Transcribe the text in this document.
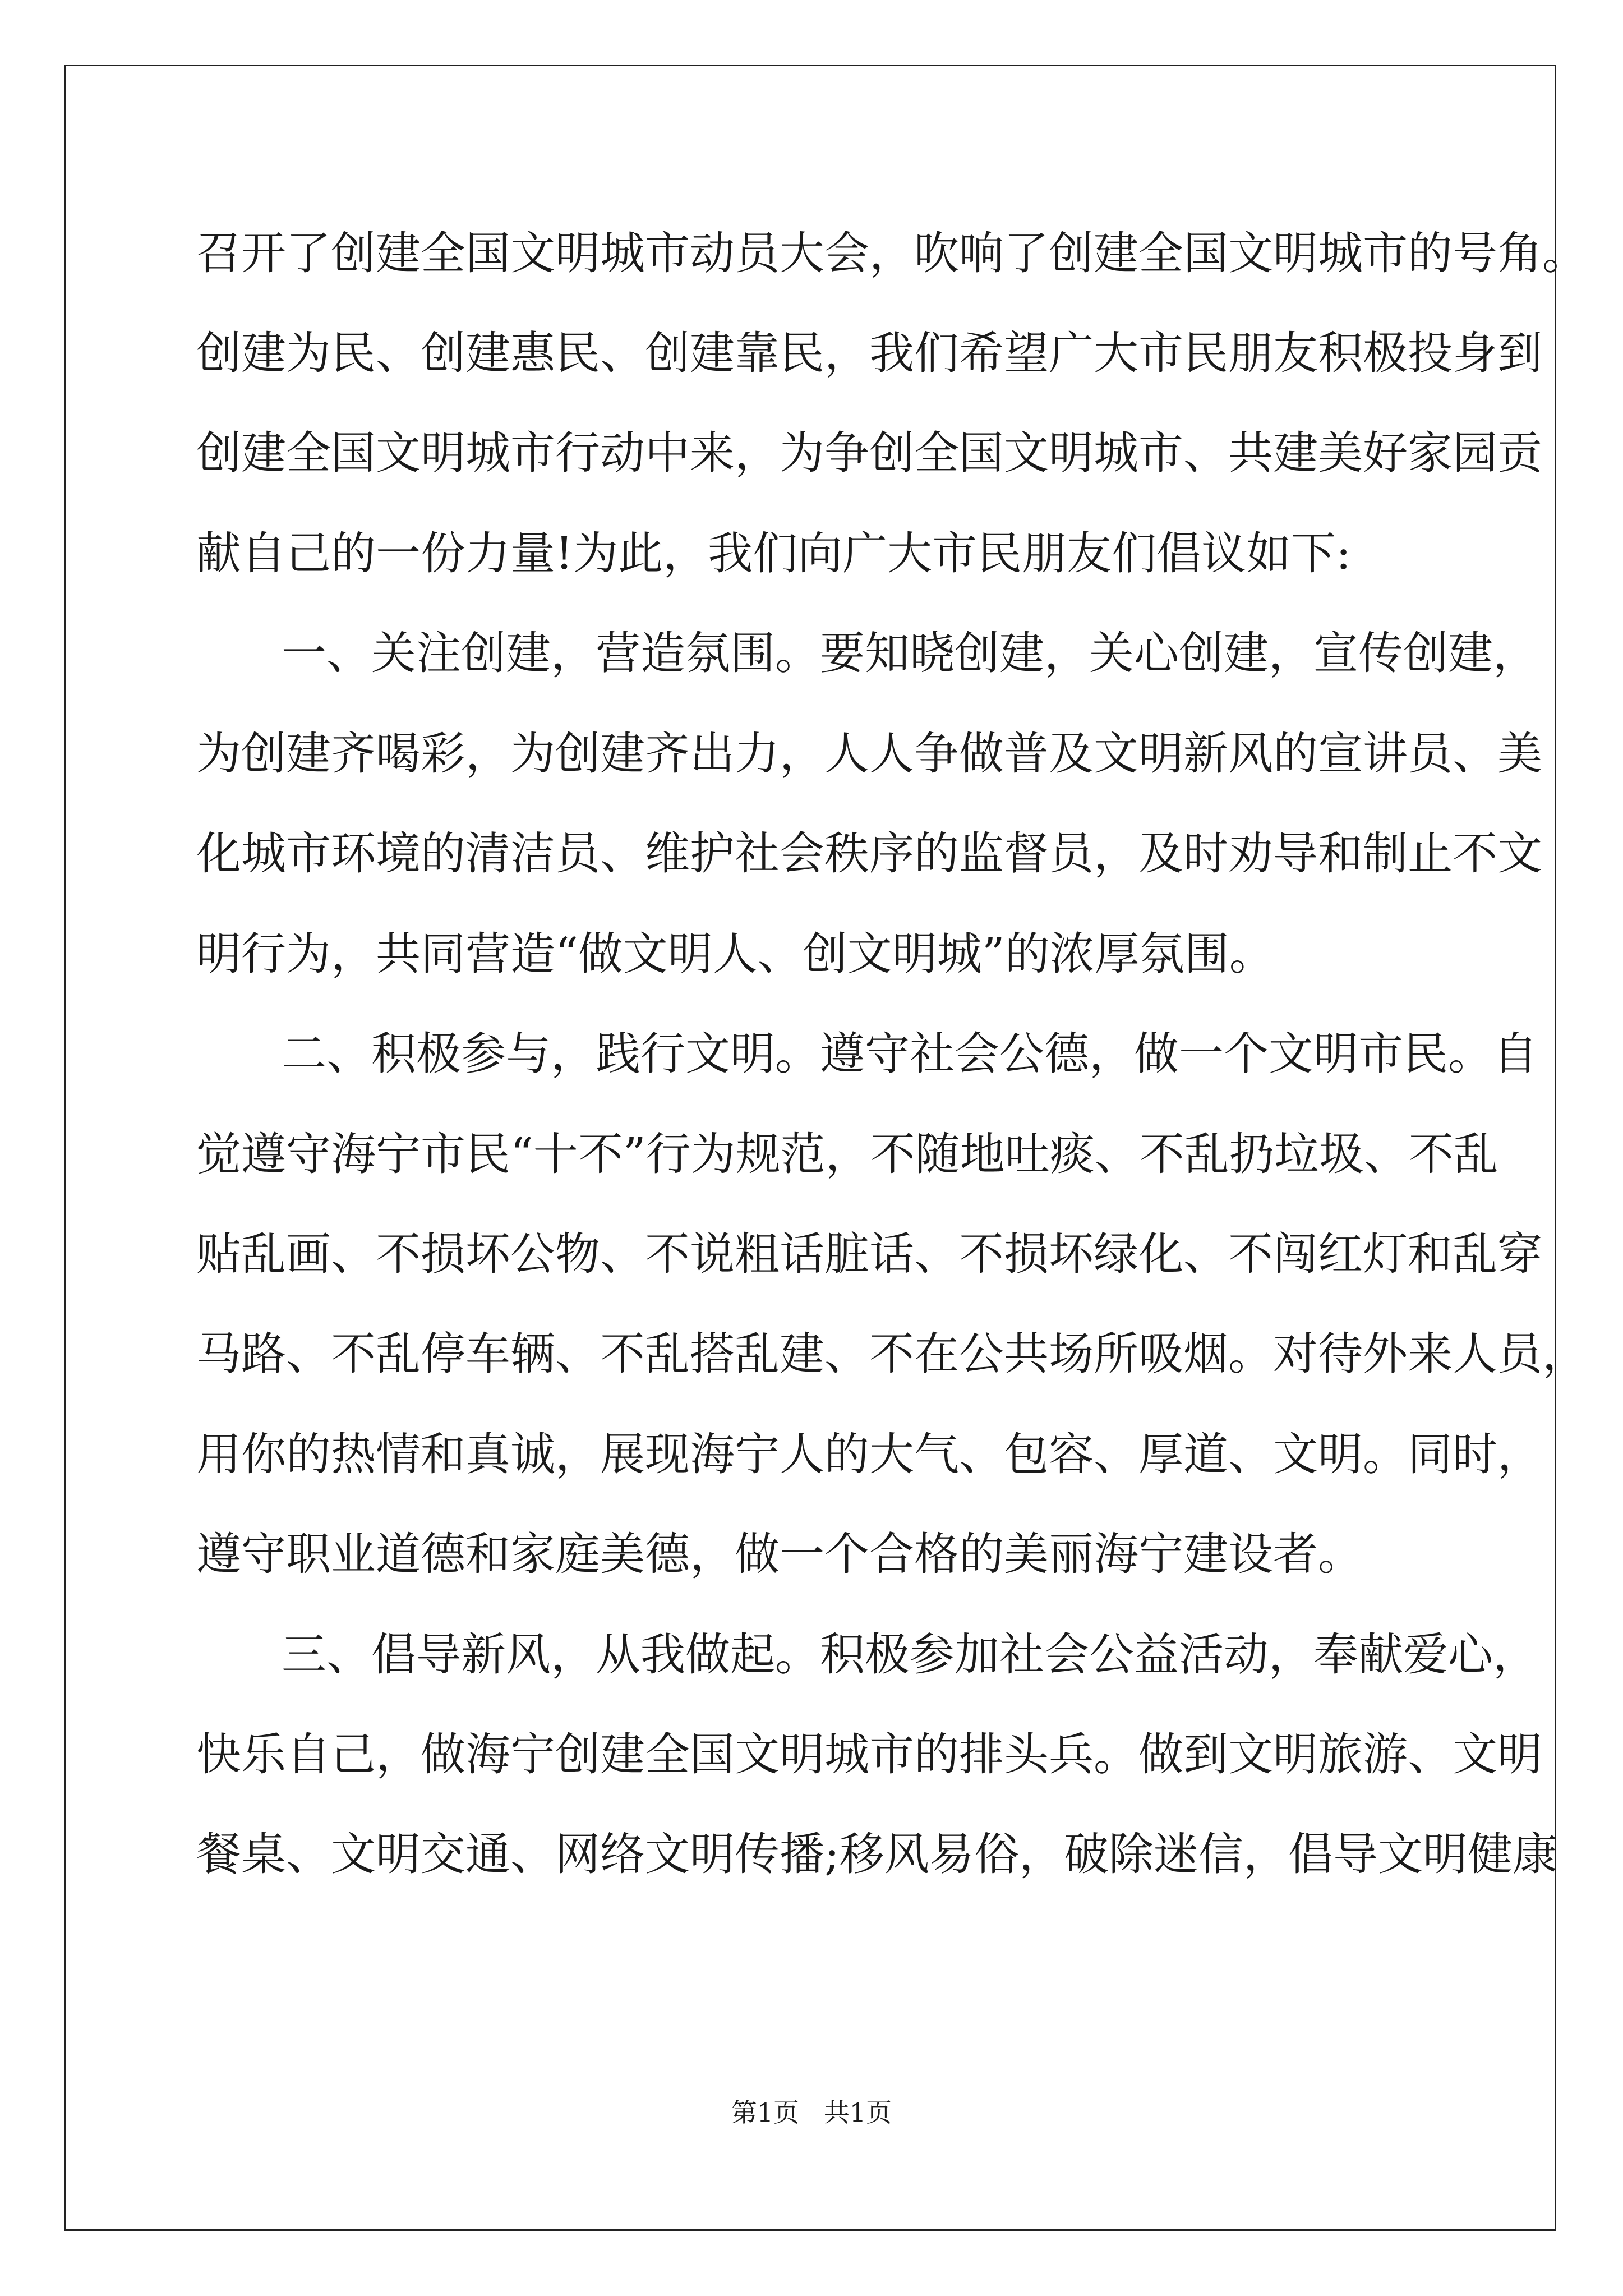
召开了创建全国文明城市动员大会，吹响了创建全国文明城市的号角。
创建为民、创建惠民、创建靠民，我们希望广大市民朋友积极投身到
创建全国文明城市行动中来，为争创全国文明城市、共建美好家园贡
献自己的一份力量!为此，我们向广大市民朋友们倡议如下:
一、关注创建，营造氛围。要知晓创建，关心创建，宣传创建，
为创建齐喝彩，为创建齐出力，人人争做普及文明新风的宣讲员、美
化城市环境的清洁员、维护社会秩序的监督员，及时劝导和制止不文
明行为，共同营造“做文明人、创文明城”的浓厚氛围。
二、积极参与，践行文明。遵守社会公德，做一个文明市民。自
觉遵守海宁市民“十不”行为规范，不随地吐痰、不乱扔垃圾、不乱
贴乱画、不损坏公物、不说粗话脏话、不损坏绿化、不闯红灯和乱穿
马路、不乱停车辆、不乱搭乱建、不在公共场所吸烟。对待外来人员，
用你的热情和真诚，展现海宁人的大气、包容、厚道、文明。同时，
遵守职业道德和家庭美德，做一个合格的美丽海宁建设者。
三、倡导新风，从我做起。积极参加社会公益活动，奉献爱心，
快乐自己，做海宁创建全国文明城市的排头兵。做到文明旅游、文明
餐桌、文明交通、网络文明传播;移风易俗，破除迷信，倡导文明健康
第1页   共1页
